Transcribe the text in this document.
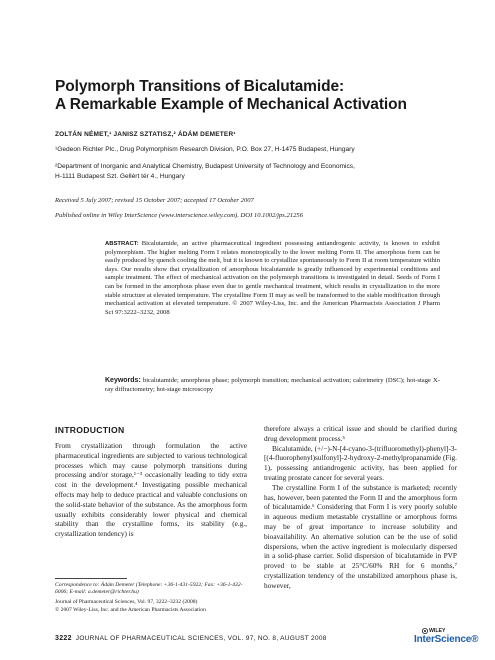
Polymorph Transitions of Bicalutamide:
A Remarkable Example of Mechanical Activation
ZOLTÁN NÉMET,¹ JANISZ SZTATISZ,² ÁDÁM DEMETER¹
¹Gedeon Richter Plc., Drug Polymorphism Research Division, P.O. Box 27, H-1475 Budapest, Hungary
²Department of Inorganic and Analytical Chemistry, Budapest University of Technology and Economics,
H-1111 Budapest Szt. Gellért tér 4., Hungary
Received 5 July 2007; revised 15 October 2007; accepted 17 October 2007
Published online in Wiley InterScience (www.interscience.wiley.com). DOI 10.1002/jps.21256
ABSTRACT: Bicalutamide, an active pharmaceutical ingredient possessing antiandrogenic activity, is known to exhibit polymorphism. The higher melting Form I relates monotropically to the lower melting Form II. The amorphous form can be easily produced by quench cooling the melt, but it is known to crystallize spontaneously to Form II at room temperature within days. Our results show that crystallization of amorphous bicalutamide is greatly influenced by experimental conditions and sample treatment. The effect of mechanical activation on the polymorph transitions is investigated in detail. Seeds of Form I can be formed in the amorphous phase even due to gentle mechanical treatment, which results in crystallization to the more stable structure at elevated temperature. The crystalline Form II may as well be transformed to the stable modification through mechanical activation at elevated temperature. © 2007 Wiley-Liss, Inc. and the American Pharmacists Association J Pharm Sci 97:3222–3232, 2008
Keywords: bicalutamide; amorphous phase; polymorph transition; mechanical activation; calorimetry (DSC); hot-stage X-ray diffractometry; hot-stage microscopy
INTRODUCTION
From crystallization through formulation the active pharmaceutical ingredients are subjected to various technological processes which may cause polymorph transitions during processing and/or storage,¹⁻³ occasionally leading to tidy extra cost in the development.⁴ Investigating possible mechanical effects may help to deduce practical and valuable conclusions on the solid-state behavior of the substance. As the amorphous form usually exhibits considerably lower physical and chemical stability than the crystalline forms, its stability (e.g., crystallization tendency) is

therefore always a critical issue and should be clarified during drug development process.⁵

Bicalutamide, (+/−)-N-[4-cyano-3-(trifluoromethyl)-phenyl]-3-[(4-fluorophenyl)sulfonyl]-2-hydroxy-2-methylpropanamide (Fig. 1), possessing antiandrogenic activity, has been applied for treating prostate cancer for several years.

The crystalline Form I of the substance is marketed; recently has, however, been patented the Form II and the amorphous form of bicalutamide.⁶ Considering that Form I is very poorly soluble in aqueous medium metastable crystalline or amorphous forms may be of great importance to increase solubility and bioavailability. An alternative solution can be the use of solid dispersions, when the active ingredient is molecularly dispersed in a solid-phase carrier. Solid dispersion of bicalutamide in PVP proved to be stable at 25°C/60% RH for 6 months,⁷ crystallization tendency of the unstabilized amorphous phase is, however,

Correspondence to: Ádám Demeter (Telephone: +36-1-431-5922; Fax: +36-1-432-6006; E-mail: a.demeter@richter.hu)
Journal of Pharmaceutical Sciences, Vol. 97, 3222–3232 (2008)
© 2007 Wiley-Liss, Inc. and the American Pharmacists Association
3222 JOURNAL OF PHARMACEUTICAL SCIENCES, VOL. 97, NO. 8, AUGUST 2008
WILEY
InterScience®
